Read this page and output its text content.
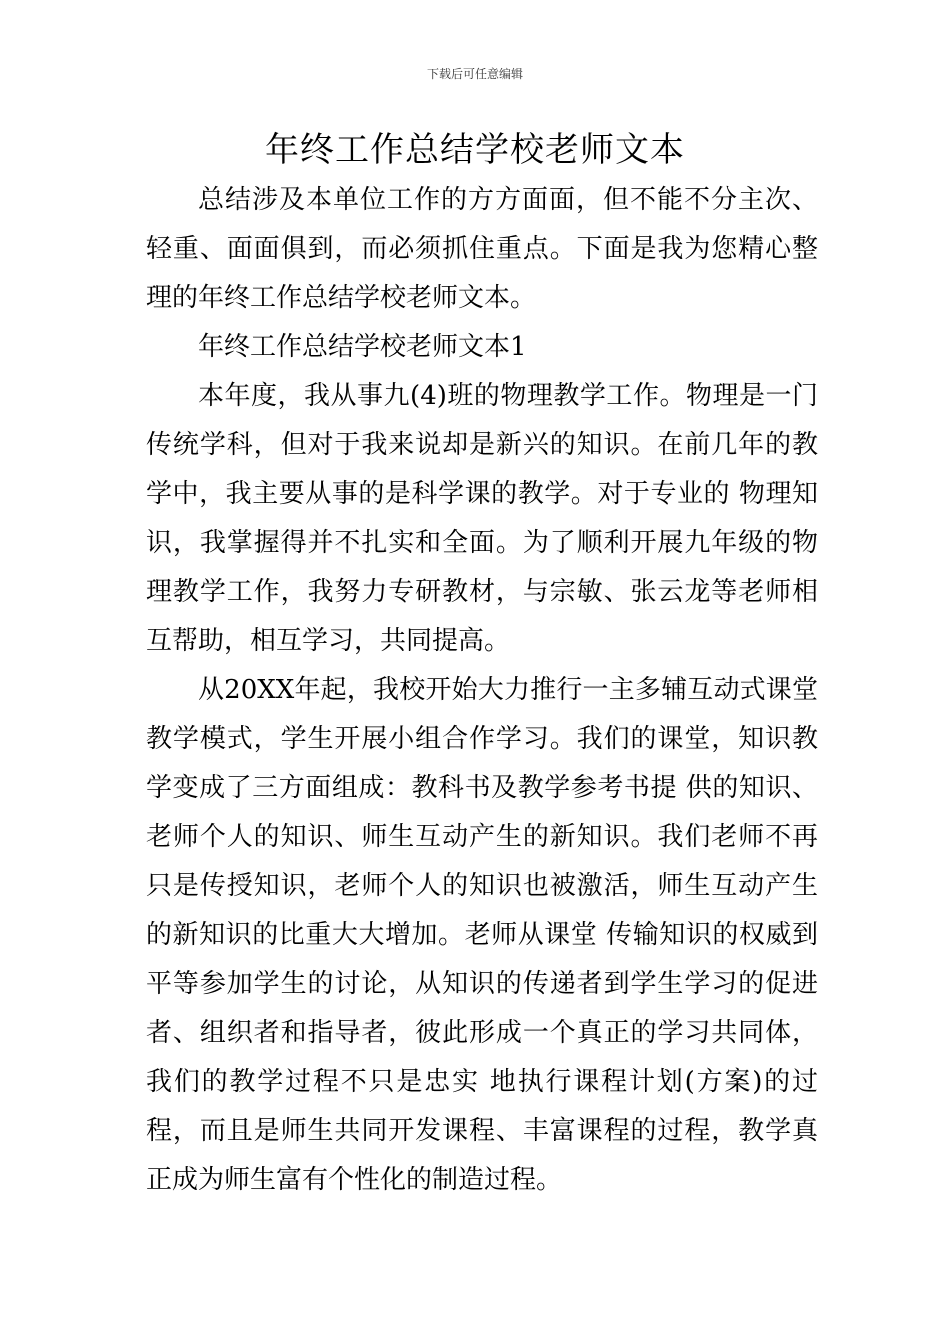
下载后可任意编辑
年终工作总结学校老师文本

总结涉及本单位工作的方方面面，但不能不分主次、轻重、面面俱到，而必须抓住重点。下面是我为您精心整理的年终工作总结学校老师文本。

年终工作总结学校老师文本1

本年度，我从事九(4)班的物理教学工作。物理是一门传统学科，但对于我来说却是新兴的知识。在前几年的教学中，我主要从事的是科学课的教学。对于专业的 物理知识，我掌握得并不扎实和全面。为了顺利开展九年级的物理教学工作，我努力专研教材，与宗敏、张云龙等老师相互帮助，相互学习，共同提高。

从20XX年起，我校开始大力推行一主多辅互动式课堂教学模式，学生开展小组合作学习。我们的课堂，知识教学变成了三方面组成：教科书及教学参考书提 供的知识、老师个人的知识、师生互动产生的新知识。我们老师不再只是传授知识，老师个人的知识也被激活，师生互动产生的新知识的比重大大增加。老师从课堂 传输知识的权威到平等参加学生的讨论，从知识的传递者到学生学习的促进者、组织者和指导者，彼此形成一个真正的学习共同体，我们的教学过程不只是忠实 地执行课程计划(方案)的过程，而且是师生共同开发课程、丰富课程的过程，教学真正成为师生富有个性化的制造过程。
